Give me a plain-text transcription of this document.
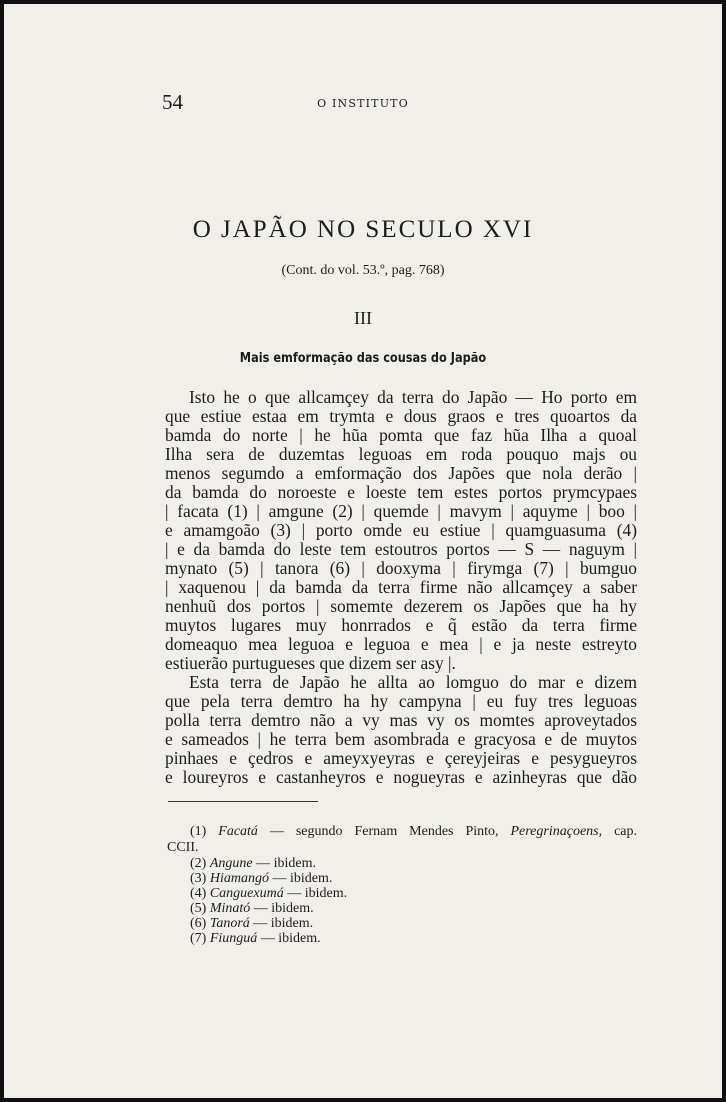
54	O INSTITUTO
O JAPÃO NO SECULO XVI
(Cont. do vol. 53.º, pag. 768)
III
Mais emformação das cousas do Japão
Isto he o que allcamçey da terra do Japão — Ho porto em
que estiue estaa em trymta e dous graos e tres quoartos da
bamda do norte | he hũa pomta que faz hũa Ilha a quoal
Ilha sera de duzemtas leguoas em roda pouquo majs ou
menos segumdo a emformação dos Japões que nola derão |
da bamda do noroeste e loeste tem estes portos prymcypaes
| facata (1) | amgune (2) | quemde | mavym | aquyme | boo |
e amamgoão (3) | porto omde eu estiue | quamguasuma (4)
| e da bamda do leste tem estoutros portos — S — naguym |
mynato (5) | tanora (6) | dooxyma | firymga (7) | bumguo
| xaquenou | da bamda da terra firme não allcamçey a saber
nenhuũ dos portos | somemte dezerem os Japões que ha hy
muytos lugares muy honrrados e q̃ estão da terra firme
domeaquo mea leguoa e leguoa e mea | e ja neste estreyto
estiuerão purtugueses que dizem ser asy |.
Esta terra de Japão he allta ao lomguo do mar e dizem
que pela terra demtro ha hy campyna | eu fuy tres leguoas
polla terra demtro não a vy mas vy os momtes aproveytados
e sameados | he terra bem asombrada e gracyosa e de muytos
pinhaes e çedros e ameyxyeyras e çereyjeiras e pesygueyros
e loureyros e castanheyros e nogueyras e azinheyras que dão
(1) Facatá — segundo Fernam Mendes Pinto, Peregrinaçoens, cap.
CCII.
(2) Angune — ibidem.
(3) Hiamangó — ibidem.
(4) Canguexumá — ibidem.
(5) Minató — ibidem.
(6) Tanorá — ibidem.
(7) Fiunguá — ibidem.
